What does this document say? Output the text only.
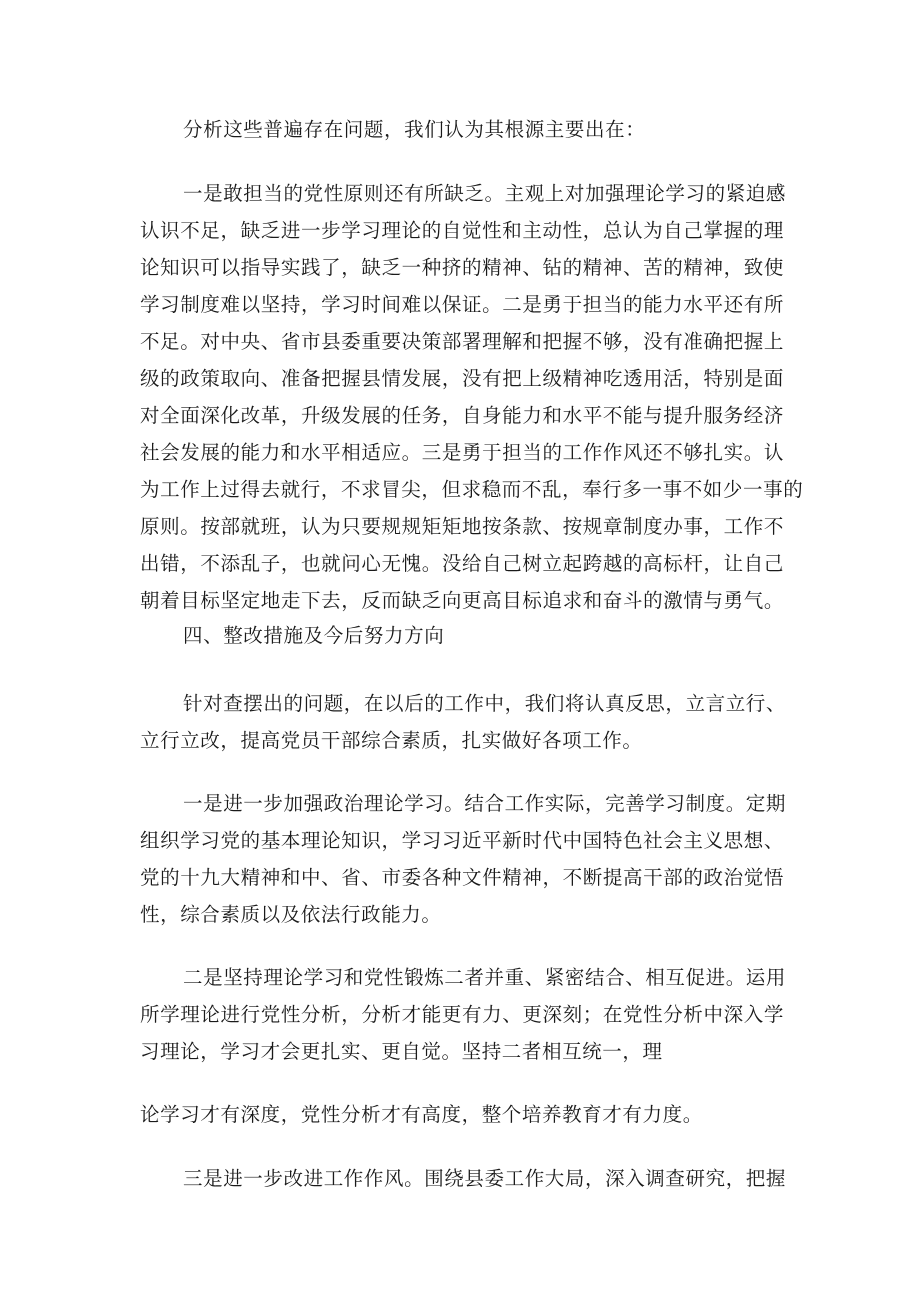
分析这些普遍存在问题，我们认为其根源主要出在：
一是敢担当的党性原则还有所缺乏。主观上对加强理论学习的紧迫感
认识不足，缺乏进一步学习理论的自觉性和主动性，总认为自己掌握的理
论知识可以指导实践了，缺乏一种挤的精神、钻的精神、苦的精神，致使
学习制度难以坚持，学习时间难以保证。二是勇于担当的能力水平还有所
不足。对中央、省市县委重要决策部署理解和把握不够，没有准确把握上
级的政策取向、准备把握县情发展，没有把上级精神吃透用活，特别是面
对全面深化改革，升级发展的任务，自身能力和水平不能与提升服务经济
社会发展的能力和水平相适应。三是勇于担当的工作作风还不够扎实。认
为工作上过得去就行，不求冒尖，但求稳而不乱，奉行多一事不如少一事的
原则。按部就班，认为只要规规矩矩地按条款、按规章制度办事，工作不
出错，不添乱子，也就问心无愧。没给自己树立起跨越的高标杆，让自己
朝着目标坚定地走下去，反而缺乏向更高目标追求和奋斗的激情与勇气。
四、整改措施及今后努力方向
针对查摆出的问题，在以后的工作中，我们将认真反思，立言立行、
立行立改，提高党员干部综合素质，扎实做好各项工作。
一是进一步加强政治理论学习。结合工作实际，完善学习制度。定期
组织学习党的基本理论知识，学习习近平新时代中国特色社会主义思想、
党的十九大精神和中、省、市委各种文件精神，不断提高干部的政治觉悟
性，综合素质以及依法行政能力。
二是坚持理论学习和党性锻炼二者并重、紧密结合、相互促进。运用
所学理论进行党性分析，分析才能更有力、更深刻；在党性分析中深入学
习理论，学习才会更扎实、更自觉。坚持二者相互统一，理
论学习才有深度，党性分析才有高度，整个培养教育才有力度。
三是进一步改进工作作风。围绕县委工作大局，深入调查研究，把握
